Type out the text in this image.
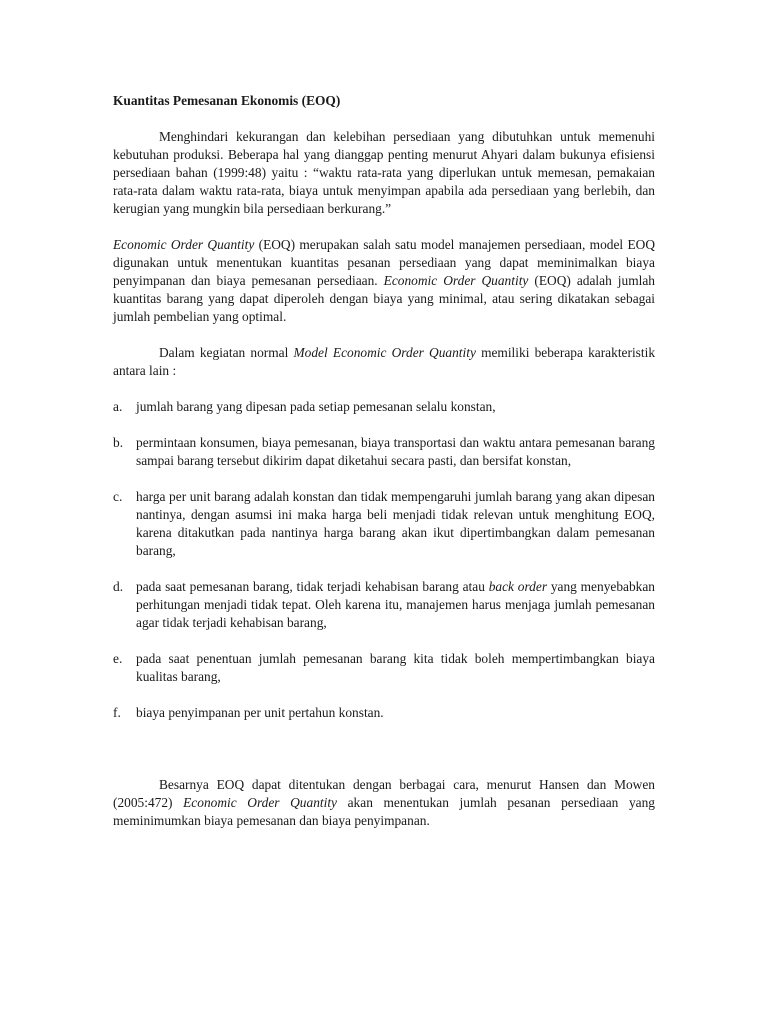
Kuantitas Pemesanan Ekonomis (EOQ)

Menghindari kekurangan dan kelebihan persediaan yang dibutuhkan untuk memenuhi kebutuhan produksi. Beberapa hal yang dianggap penting menurut Ahyari dalam bukunya efisiensi persediaan bahan (1999:48) yaitu : “waktu rata-rata yang diperlukan untuk memesan, pemakaian rata-rata dalam waktu rata-rata, biaya untuk menyimpan apabila ada persediaan yang berlebih, dan kerugian yang mungkin bila persediaan berkurang.”

Economic Order Quantity (EOQ) merupakan salah satu model manajemen persediaan, model EOQ digunakan untuk menentukan kuantitas pesanan persediaan yang dapat meminimalkan biaya penyimpanan dan biaya pemesanan persediaan. Economic Order Quantity (EOQ) adalah jumlah kuantitas barang yang dapat diperoleh dengan biaya yang minimal, atau sering dikatakan sebagai jumlah pembelian yang optimal.

Dalam kegiatan normal Model Economic Order Quantity memiliki beberapa karakteristik antara lain :

a. jumlah barang yang dipesan pada setiap pemesanan selalu konstan,
b. permintaan konsumen, biaya pemesanan, biaya transportasi dan waktu antara pemesanan barang sampai barang tersebut dikirim dapat diketahui secara pasti, dan bersifat konstan,
c. harga per unit barang adalah konstan dan tidak mempengaruhi jumlah barang yang akan dipesan nantinya, dengan asumsi ini maka harga beli menjadi tidak relevan untuk menghitung EOQ, karena ditakutkan pada nantinya harga barang akan ikut dipertimbangkan dalam pemesanan barang,
d. pada saat pemesanan barang, tidak terjadi kehabisan barang atau back order yang menyebabkan perhitungan menjadi tidak tepat. Oleh karena itu, manajemen harus menjaga jumlah pemesanan agar tidak terjadi kehabisan barang,
e. pada saat penentuan jumlah pemesanan barang kita tidak boleh mempertimbangkan biaya kualitas barang,
f. biaya penyimpanan per unit pertahun konstan.

Besarnya EOQ dapat ditentukan dengan berbagai cara, menurut Hansen dan Mowen (2005:472) Economic Order Quantity akan menentukan jumlah pesanan persediaan yang meminimumkan biaya pemesanan dan biaya penyimpanan.
